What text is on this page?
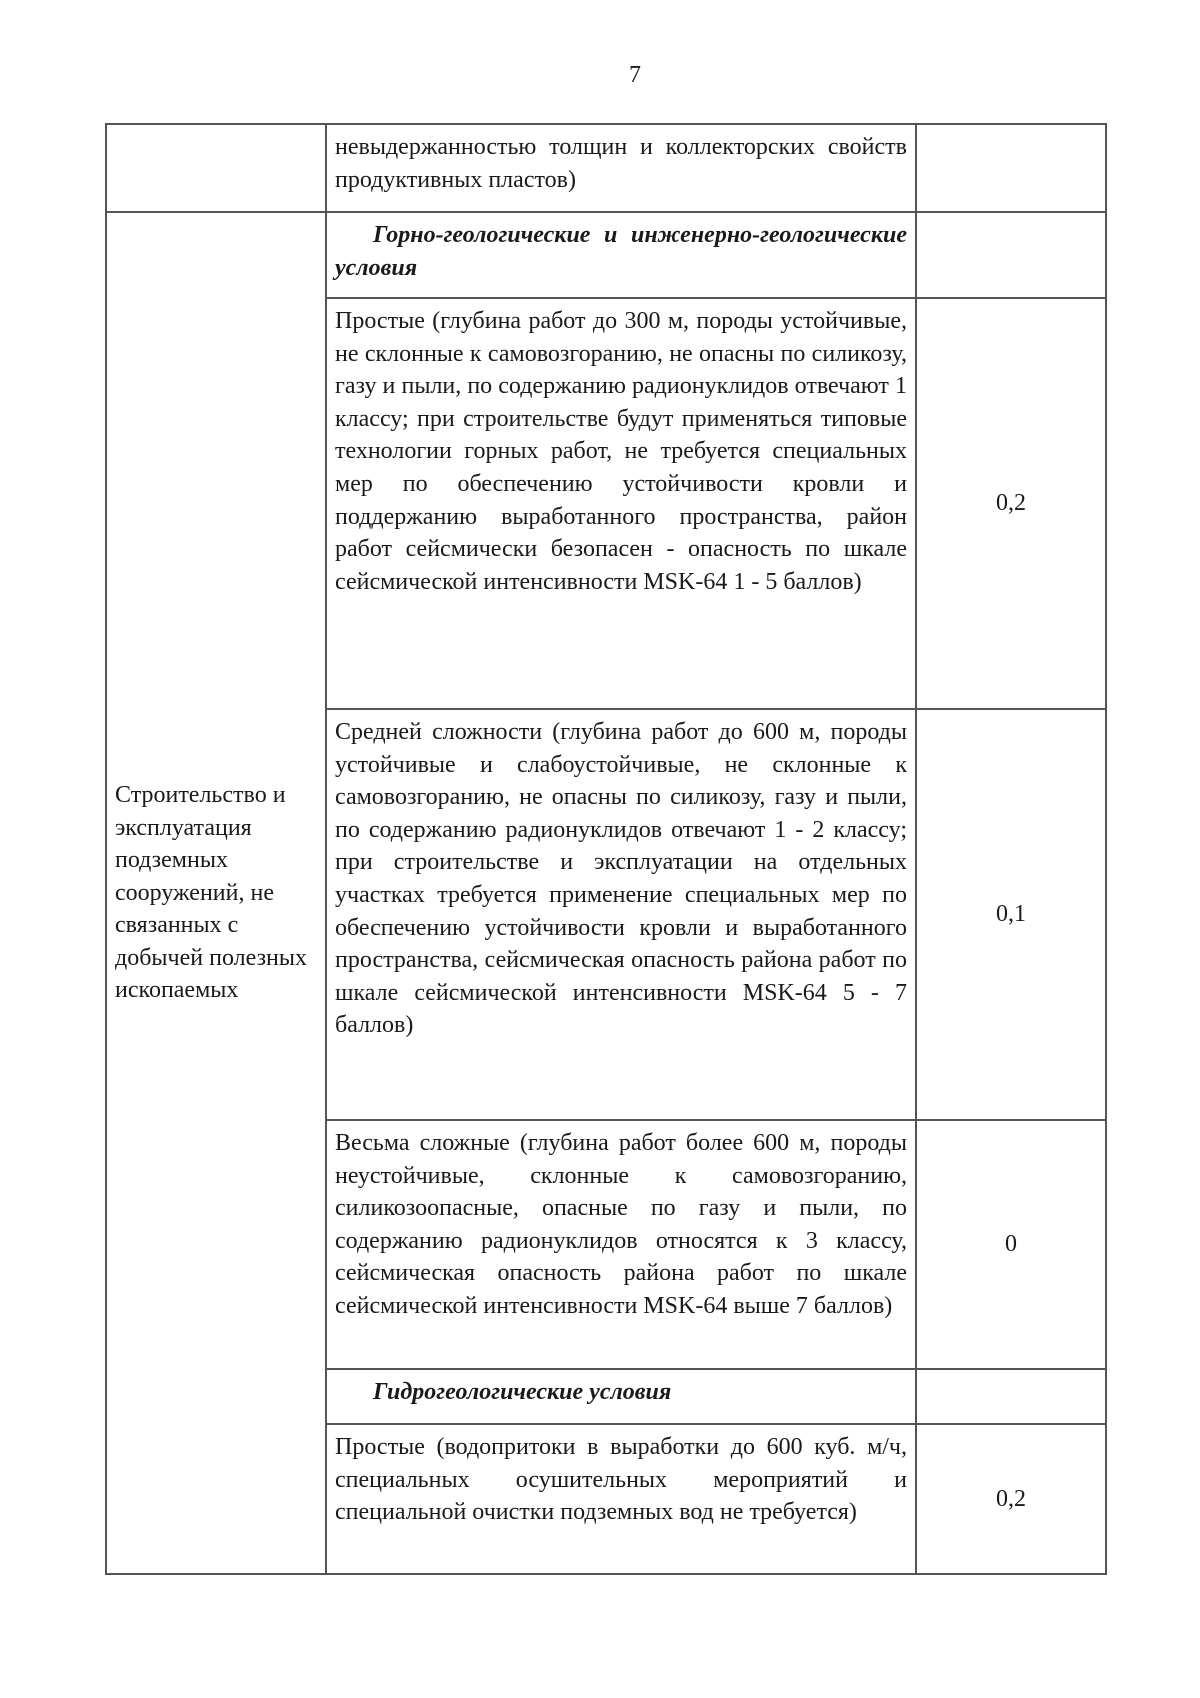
7
	невыдержанностью толщин и коллекторских свойств продуктивных пластов)	
Строительство и эксплуатация подземных сооружений, не связанных с добычей полезных ископаемых	Горно-геологические и инженерно-геологические условия	
	Простые (глубина работ до 300 м, породы устойчивые, не склонные к самовозгоранию, не опасны по силикозу, газу и пыли, по содержанию радионуклидов отвечают 1 классу; при строительстве будут применяться типовые технологии горных работ, не требуется специальных мер по обеспечению устойчивости кровли и поддержанию выработанного пространства, район работ сейсмически безопасен - опасность по шкале сейсмической интенсивности MSK-64 1 - 5 баллов)	0,2
	Средней сложности (глубина работ до 600 м, породы устойчивые и слабоустойчивые, не склонные к самовозгоранию, не опасны по силикозу, газу и пыли, по содержанию радионуклидов отвечают 1 - 2 классу; при строительстве и эксплуатации на отдельных участках требуется применение специальных мер по обеспечению устойчивости кровли и выработанного пространства, сейсмическая опасность района работ по шкале сейсмической интенсивности MSK-64 5 - 7 баллов)	0,1
	Весьма сложные (глубина работ более 600 м, породы неустойчивые, склонные к самовозгоранию, силикозоопасные, опасные по газу и пыли, по содержанию радионуклидов относятся к 3 классу, сейсмическая опасность района работ по шкале сейсмической интенсивности MSK-64 выше 7 баллов)	0
	Гидрогеологические условия	
	Простые (водопритоки в выработки до 600 куб. м/ч, специальных осушительных мероприятий и специальной очистки подземных вод не требуется)	0,2
